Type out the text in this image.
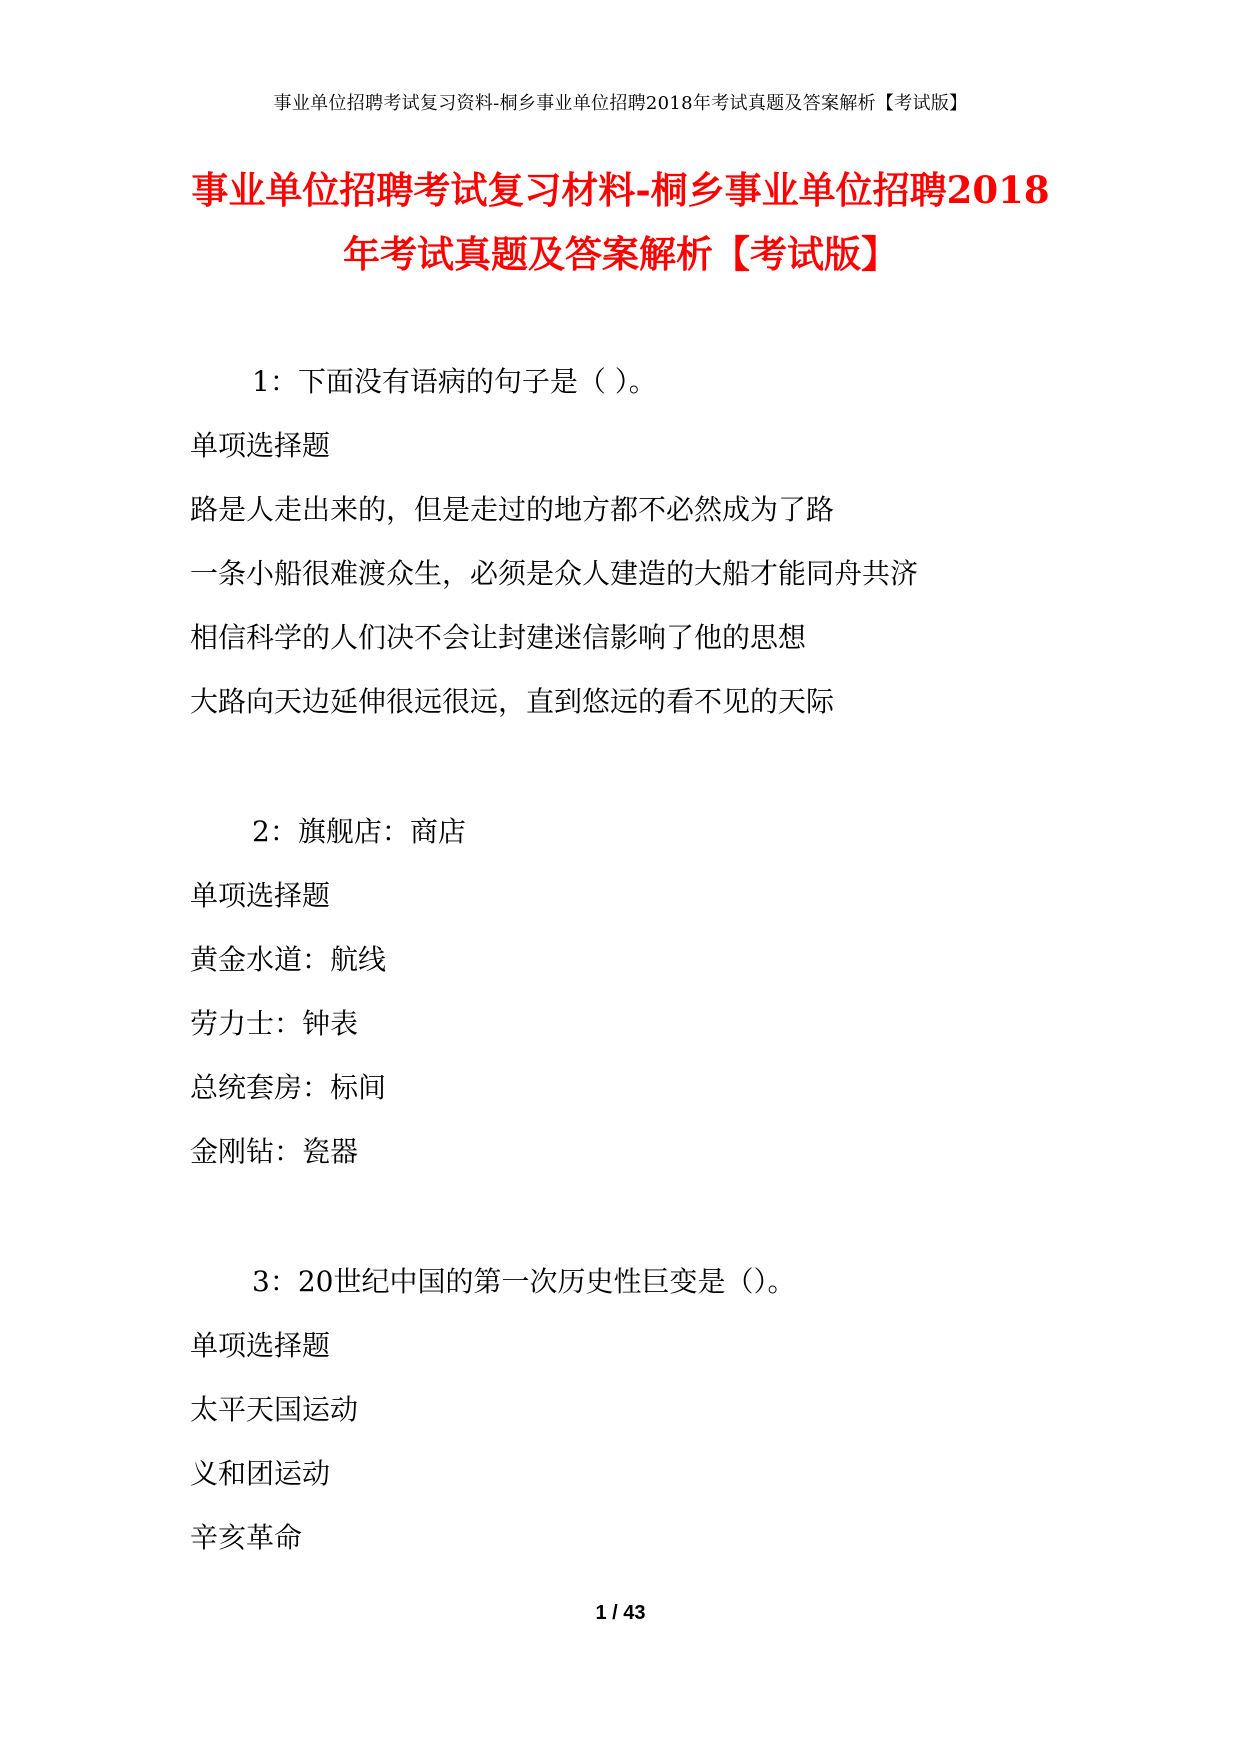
事业单位招聘考试复习资料-桐乡事业单位招聘2018年考试真题及答案解析【考试版】
事业单位招聘考试复习材料-桐乡事业单位招聘2018
年考试真题及答案解析【考试版】
1：下面没有语病的句子是（ ）。
单项选择题
路是人走出来的，但是走过的地方都不必然成为了路
一条小船很难渡众生，必须是众人建造的大船才能同舟共济
相信科学的人们决不会让封建迷信影响了他的思想
大路向天边延伸很远很远，直到悠远的看不见的天际
2：旗舰店：商店
单项选择题
黄金水道：航线
劳力士：钟表
总统套房：标间
金刚钻：瓷器
3：20世纪中国的第一次历史性巨变是（）。
单项选择题
太平天国运动
义和团运动
辛亥革命
1 / 43
